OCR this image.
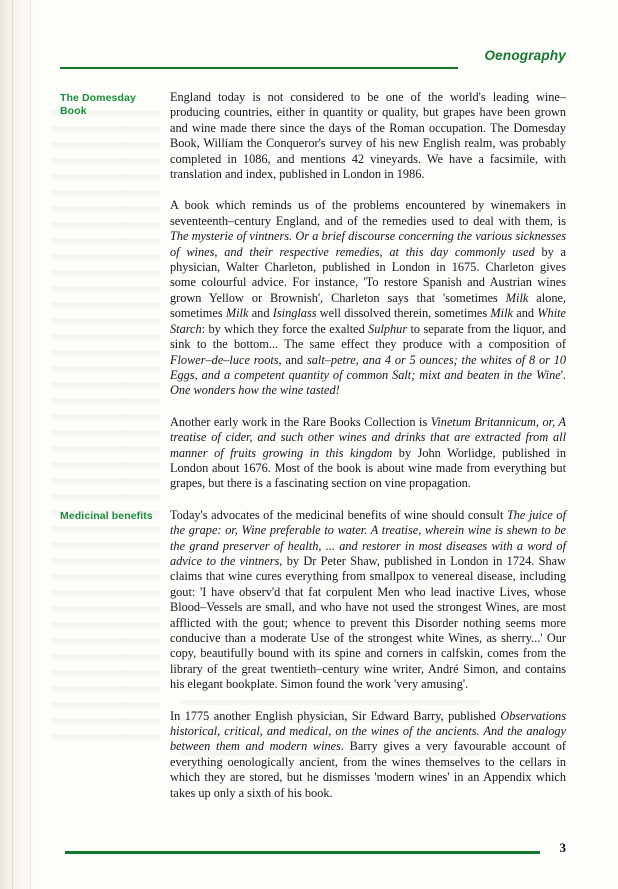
Oenography
The Domesday Book

England today is not considered to be one of the world's leading wine–producing countries, either in quantity or quality, but grapes have been grown and wine made there since the days of the Roman occupation. The Domesday Book, William the Conqueror's survey of his new English realm, was probably completed in 1086, and mentions 42 vineyards. We have a facsimile, with translation and index, published in London in 1986.

A book which reminds us of the problems encountered by winemakers in seventeenth–century England, and of the remedies used to deal with them, is The mysterie of vintners. Or a brief discourse concerning the various sicknesses of wines, and their respective remedies, at this day commonly used by a physician, Walter Charleton, published in London in 1675. Charleton gives some colourful advice. For instance, 'To restore Spanish and Austrian wines grown Yellow or Brownish', Charleton says that 'sometimes Milk alone, sometimes Milk and Isinglass well dissolved therein, sometimes Milk and White Starch: by which they force the exalted Sulphur to separate from the liquor, and sink to the bottom... The same effect they produce with a composition of Flower–de–luce roots, and salt–petre, ana 4 or 5 ounces; the whites of 8 or 10 Eggs, and a competent quantity of common Salt; mixt and beaten in the Wine'. One wonders how the wine tasted!

Another early work in the Rare Books Collection is Vinetum Britannicum, or, A treatise of cider, and such other wines and drinks that are extracted from all manner of fruits growing in this kingdom by John Worlidge, published in London about 1676. Most of the book is about wine made from everything but grapes, but there is a fascinating section on vine propagation.

Medicinal benefits	Today's advocates of the medicinal benefits of wine should consult The juice of the grape: or, Wine preferable to water. A treatise, wherein wine is shewn to be the grand preserver of health, ... and restorer in most diseases with a word of advice to the vintners, by Dr Peter Shaw, published in London in 1724. Shaw claims that wine cures everything from smallpox to venereal disease, including gout: 'I have observ'd that fat corpulent Men who lead inactive Lives, whose Blood–Vessels are small, and who have not used the strongest Wines, are most afflicted with the gout; whence to prevent this Disorder nothing seems more conducive than a moderate Use of the strongest white Wines, as sherry...' Our copy, beautifully bound with its spine and corners in calfskin, comes from the library of the great twentieth–century wine writer, André Simon, and contains his elegant bookplate. Simon found the work 'very amusing'.

In 1775 another English physician, Sir Edward Barry, published Observations historical, critical, and medical, on the wines of the ancients. And the analogy between them and modern wines. Barry gives a very favourable account of everything oenologically ancient, from the wines themselves to the cellars in which they are stored, but he dismisses 'modern wines' in an Appendix which takes up only a sixth of his book.

3
